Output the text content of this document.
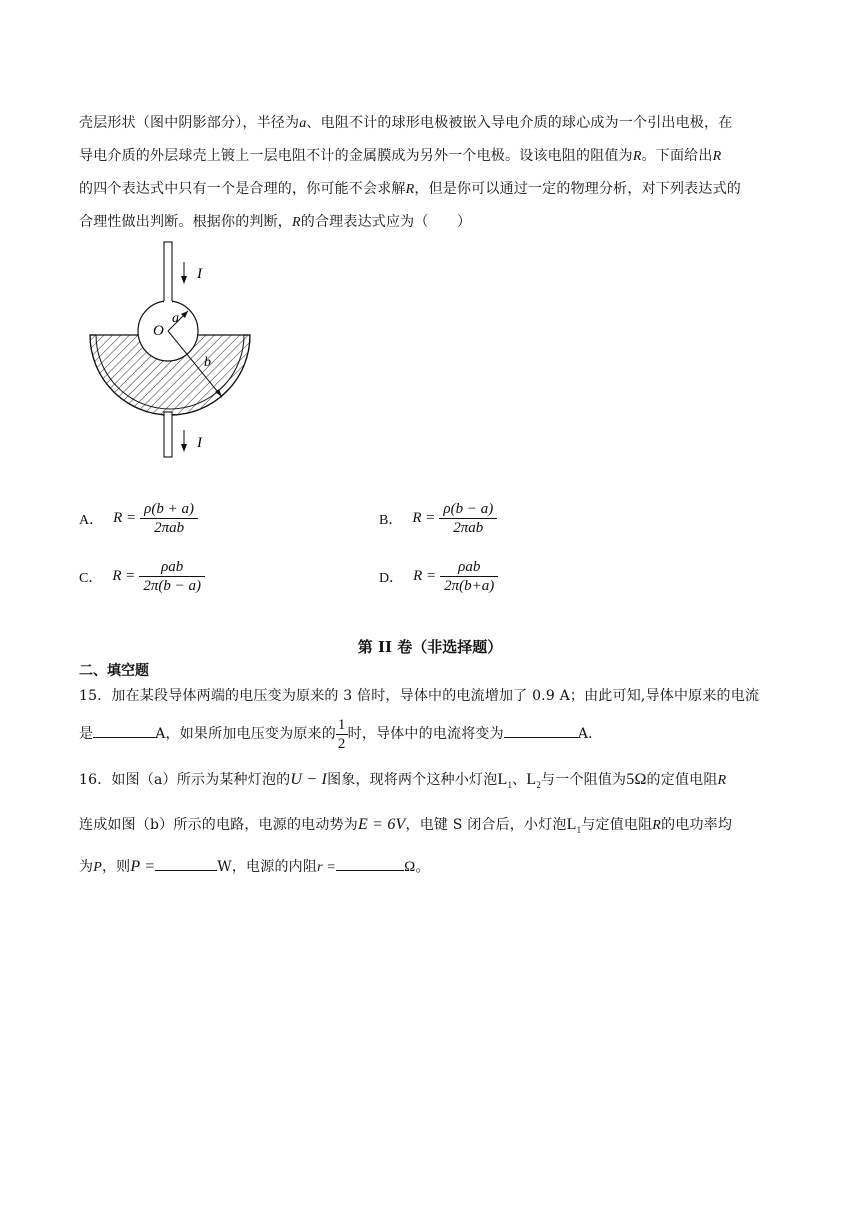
壳层形状（图中阴影部分），半径为a、电阻不计的球形电极被嵌入导电介质的球心成为一个引出电极，在
导电介质的外层球壳上镀上一层电阻不计的金属膜成为另外一个电极。设该电阻的阻值为R。下面给出R
的四个表达式中只有一个是合理的，你可能不会求解R，但是你可以通过一定的物理分析，对下列表达式的
合理性做出判断。根据你的判断，R的合理表达式应为（　　）
I
I
O
a
b
A． $R = \frac{\rho(b + a)}{\text{2πab}}$	B． $R = \frac{\rho(b - a)}{\text{2πab}}$
C． $R = \frac{\text{ρab}}{2\pi(b - a)}$	D． $R = \frac{\text{ρab}}{2\pi(b+a)}$
第 II 卷（非选择题）
二、填空题
15．加在某段导体两端的电压变为原来的 3 倍时，导体中的电流增加了 0.9 A；由此可知,导体中原来的电流
是	A，如果所加电压变为原来的 $\frac{1}{2}$ 时，导体中的电流将变为	A．
16．如图（a）所示为某种灯泡的U − I图象，现将两个这种小灯泡$L_1$、$L_2$与一个阻值为5Ω的定值电阻R
连成如图（b）所示的电路，电源的电动势为E = 6V，电键 S 闭合后，小灯泡$L_1$与定值电阻R的电功率均
为P，则P =	W，电源的内阻r =	Ω。
